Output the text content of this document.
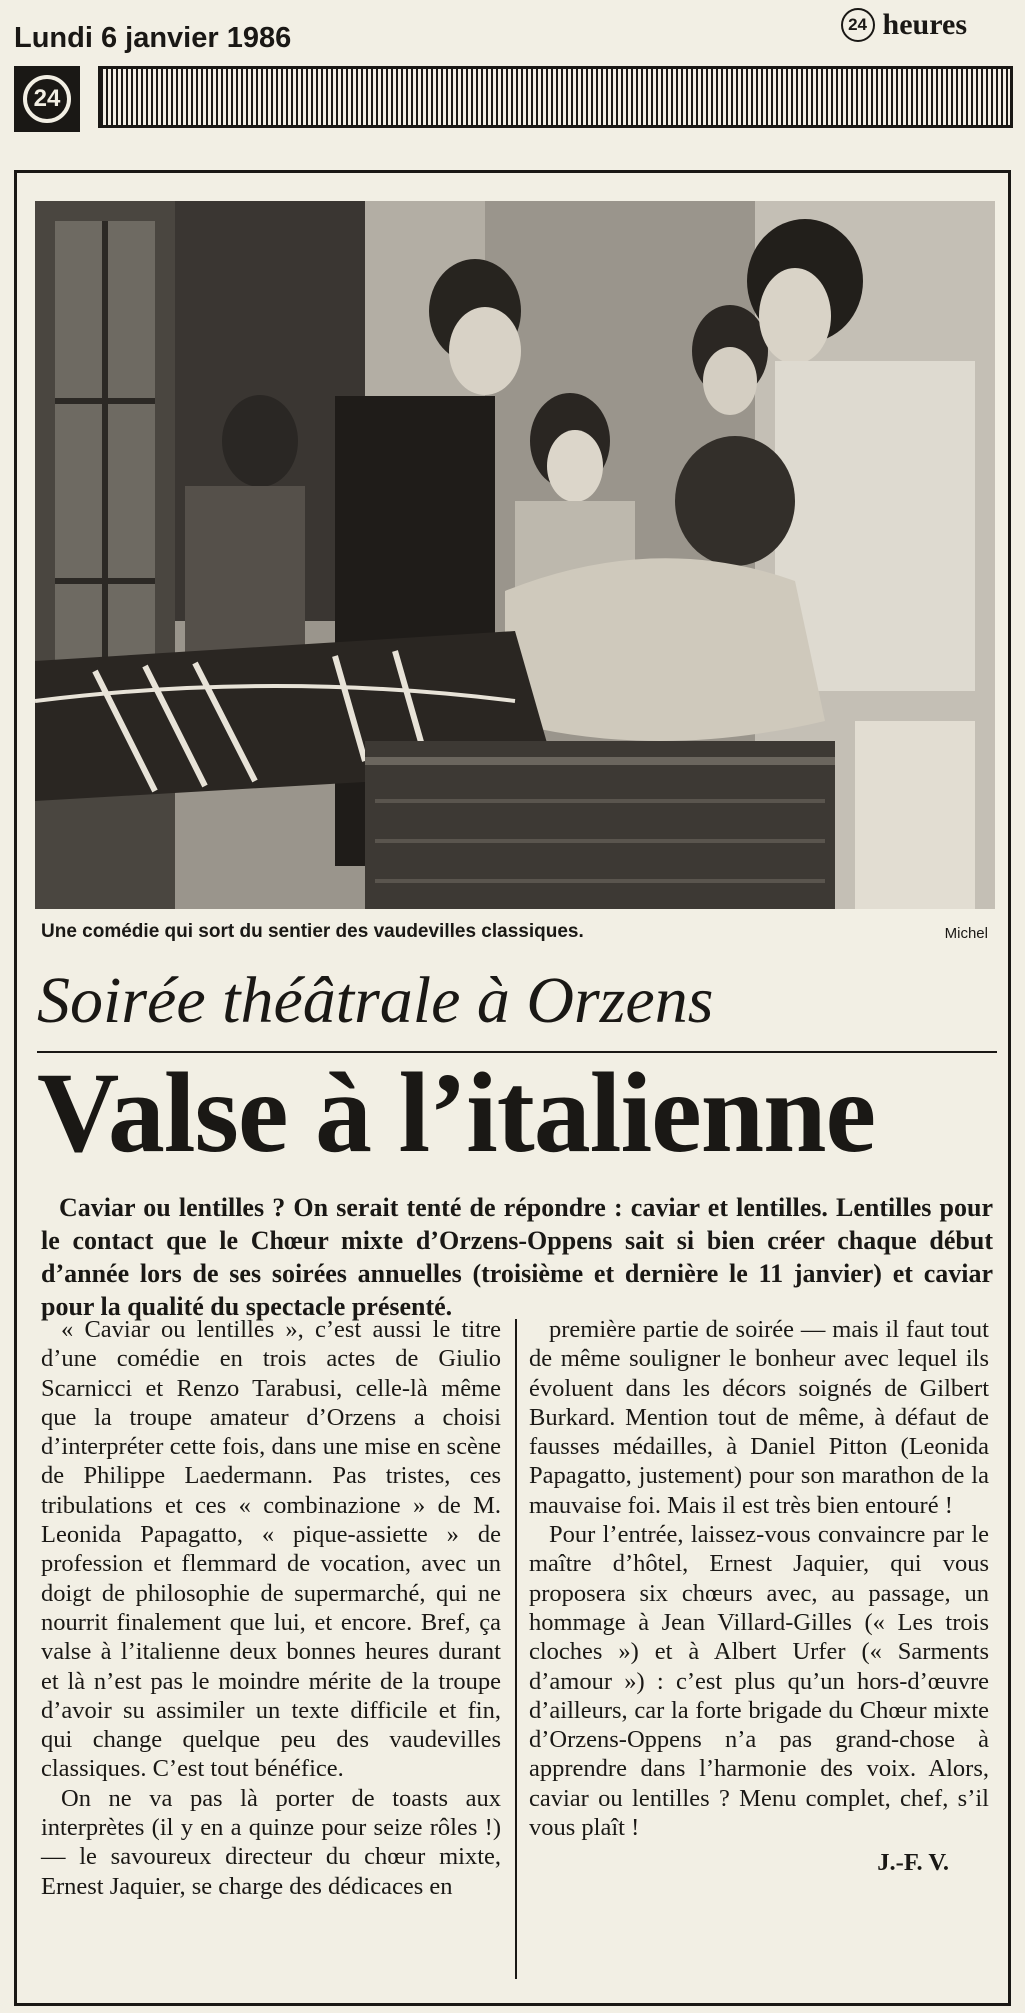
Lundi 6 janvier 1986	24 heures
24
Une comédie qui sort du sentier des vaudevilles classiques.	Michel
Soirée théâtrale à Orzens
Valse à l’italienne

Caviar ou lentilles ? On serait tenté de répondre : caviar et lentilles. Lentilles pour le contact que le Chœur mixte d’Orzens-Oppens sait si bien créer chaque début d’année lors de ses soirées annuelles (troisième et dernière le 11 janvier) et caviar pour la qualité du spectacle présenté.

« Caviar ou lentilles », c’est aussi le titre d’une comédie en trois actes de Giulio Scarnicci et Renzo Tarabusi, celle-là même que la troupe amateur d’Orzens a choisi d’interpréter cette fois, dans une mise en scène de Philippe Laedermann. Pas tristes, ces tribulations et ces « combinazione » de M. Leonida Papagatto, « pique-assiette » de profession et flemmard de vocation, avec un doigt de philosophie de supermarché, qui ne nourrit finalement que lui, et encore. Bref, ça valse à l’italienne deux bonnes heures durant et là n’est pas le moindre mérite de la troupe d’avoir su assimiler un texte difficile et fin, qui change quelque peu des vaudevilles classiques. C’est tout bénéfice.

On ne va pas là porter de toasts aux interprètes (il y en a quinze pour seize rôles !) — le savoureux directeur du chœur mixte, Ernest Jaquier, se charge des dédicaces en

première partie de soirée — mais il faut tout de même souligner le bonheur avec lequel ils évoluent dans les décors soignés de Gilbert Burkard. Mention tout de même, à défaut de fausses médailles, à Daniel Pitton (Leonida Papagatto, justement) pour son marathon de la mauvaise foi. Mais il est très bien entouré !

Pour l’entrée, laissez-vous convaincre par le maître d’hôtel, Ernest Jaquier, qui vous proposera six chœurs avec, au passage, un hommage à Jean Villard-Gilles (« Les trois cloches ») et à Albert Urfer (« Sarments d’amour ») : c’est plus qu’un hors-d’œuvre d’ailleurs, car la forte brigade du Chœur mixte d’Orzens-Oppens n’a pas grand-chose à apprendre dans l’harmonie des voix. Alors, caviar ou lentilles ? Menu complet, chef, s’il vous plaît !

J.-F. V.
